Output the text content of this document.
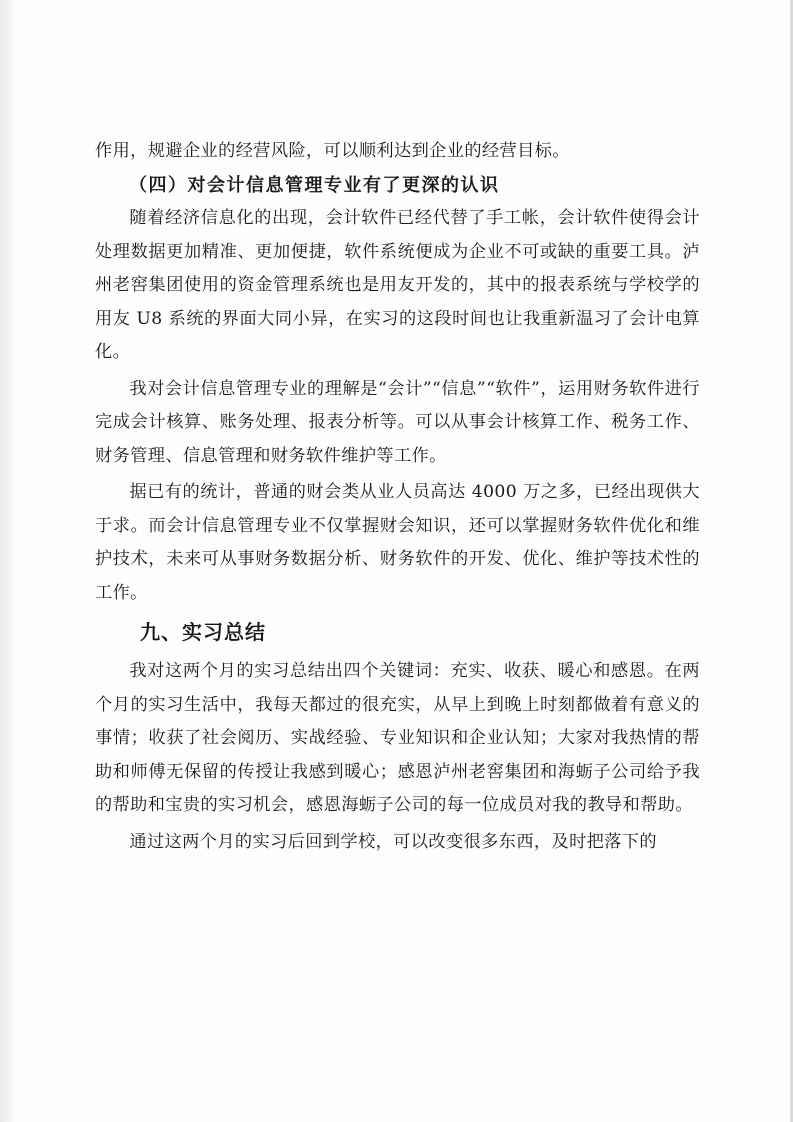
作用，规避企业的经营风险，可以顺利达到企业的经营目标。

（四）对会计信息管理专业有了更深的认识

随着经济信息化的出现，会计软件已经代替了手工帐，会计软件使得会计处理数据更加精准、更加便捷，软件系统便成为企业不可或缺的重要工具。泸州老窖集团使用的资金管理系统也是用友开发的，其中的报表系统与学校学的用友 U8 系统的界面大同小异，在实习的这段时间也让我重新温习了会计电算化。

我对会计信息管理专业的理解是“会计”“信息”“软件”，运用财务软件进行完成会计核算、账务处理、报表分析等。可以从事会计核算工作、税务工作、财务管理、信息管理和财务软件维护等工作。

据已有的统计，普通的财会类从业人员高达 4000 万之多，已经出现供大于求。而会计信息管理专业不仅掌握财会知识，还可以掌握财务软件优化和维护技术，未来可从事财务数据分析、财务软件的开发、优化、维护等技术性的工作。

九、实习总结

我对这两个月的实习总结出四个关键词：充实、收获、暖心和感恩。在两个月的实习生活中，我每天都过的很充实，从早上到晚上时刻都做着有意义的事情；收获了社会阅历、实战经验、专业知识和企业认知；大家对我热情的帮助和师傅无保留的传授让我感到暖心；感恩泸州老窖集团和海蛎子公司给予我的帮助和宝贵的实习机会，感恩海蛎子公司的每一位成员对我的教导和帮助。

通过这两个月的实习后回到学校，可以改变很多东西，及时把落下的
